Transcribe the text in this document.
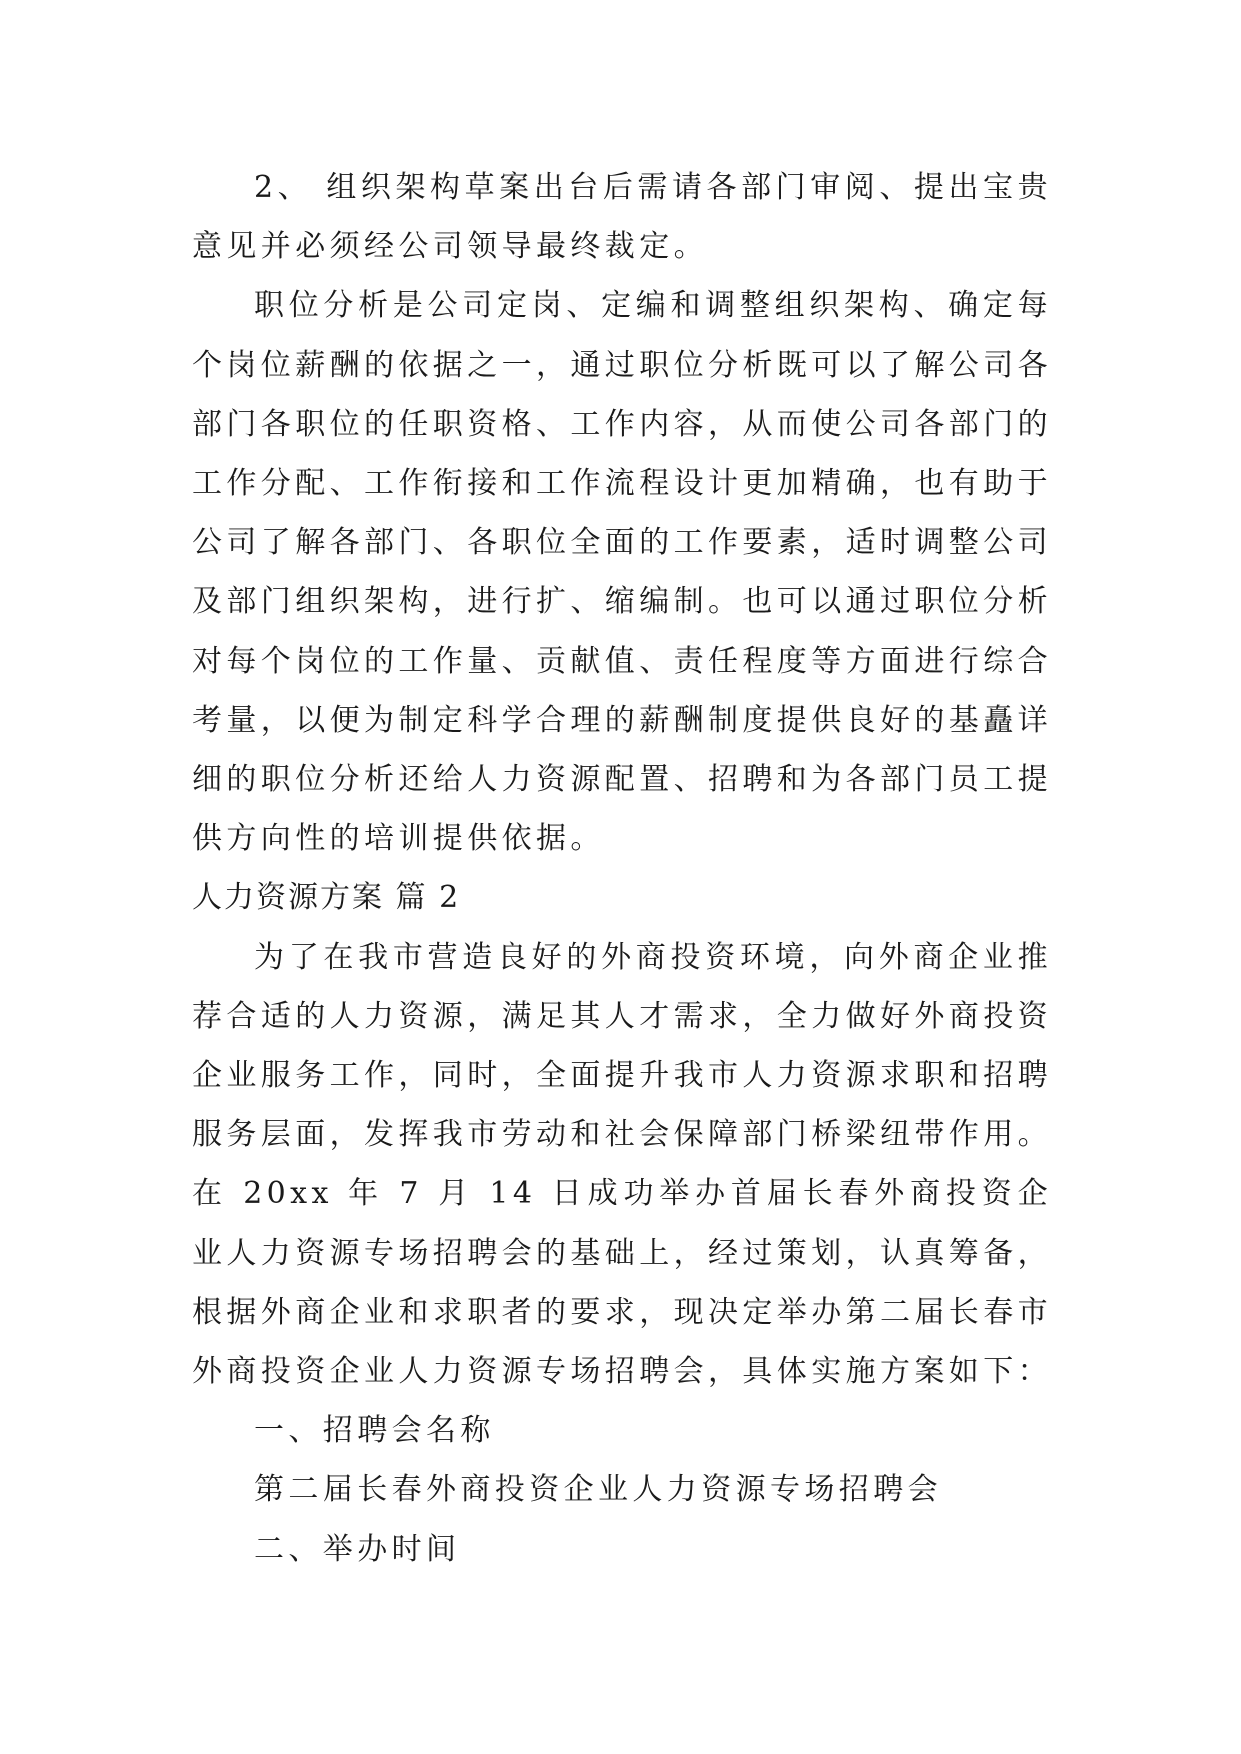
2、 组织架构草案出台后需请各部门审阅、提出宝贵意见并必须经公司领导最终裁定。

职位分析是公司定岗、定编和调整组织架构、确定每个岗位薪酬的依据之一，通过职位分析既可以了解公司各部门各职位的任职资格、工作内容，从而使公司各部门的工作分配、工作衔接和工作流程设计更加精确，也有助于公司了解各部门、各职位全面的工作要素，适时调整公司及部门组织架构，进行扩、缩编制。也可以通过职位分析对每个岗位的工作量、贡献值、责任程度等方面进行综合考量，以便为制定科学合理的薪酬制度提供良好的基矗详细的职位分析还给人力资源配置、招聘和为各部门员工提供方向性的培训提供依据。

人力资源方案 篇 2

为了在我市营造良好的外商投资环境，向外商企业推荐合适的人力资源，满足其人才需求，全力做好外商投资企业服务工作，同时，全面提升我市人力资源求职和招聘服务层面，发挥我市劳动和社会保障部门桥梁纽带作用。在 20xx 年 7 月 14 日成功举办首届长春外商投资企业人力资源专场招聘会的基础上，经过策划，认真筹备，根据外商企业和求职者的要求，现决定举办第二届长春市外商投资企业人力资源专场招聘会，具体实施方案如下：

一、招聘会名称

第二届长春外商投资企业人力资源专场招聘会

二、举办时间
